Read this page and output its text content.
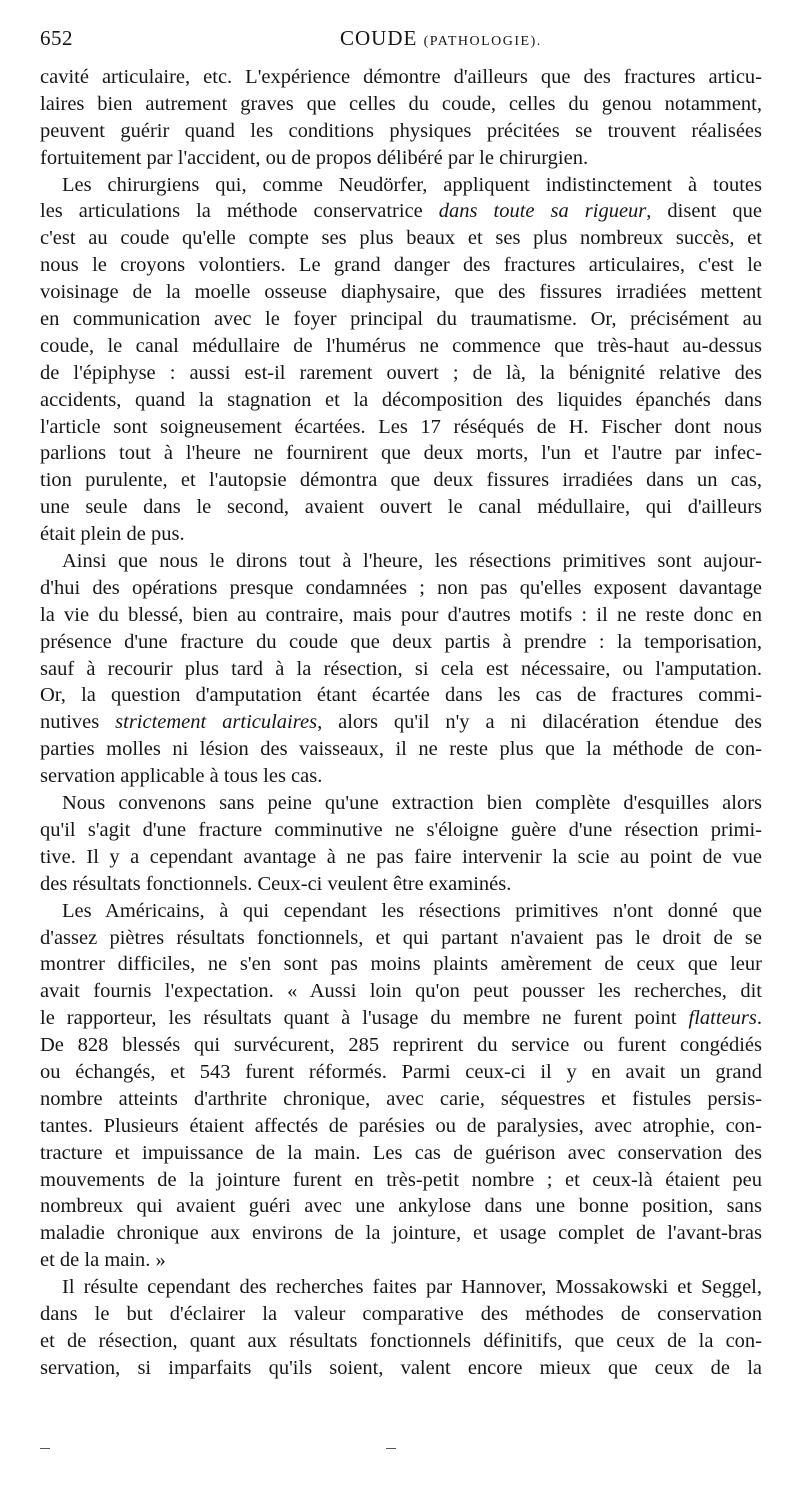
652	COUDE (PATHOLOGIE).
cavité articulaire, etc. L'expérience démontre d'ailleurs que des fractures articu-
laires bien autrement graves que celles du coude, celles du genou notamment,
peuvent guérir quand les conditions physiques précitées se trouvent réalisées
fortuitement par l'accident, ou de propos délibéré par le chirurgien.
Les chirurgiens qui, comme Neudörfer, appliquent indistinctement à toutes
les articulations la méthode conservatrice dans toute sa rigueur, disent que
c'est au coude qu'elle compte ses plus beaux et ses plus nombreux succès, et
nous le croyons volontiers. Le grand danger des fractures articulaires, c'est le
voisinage de la moelle osseuse diaphysaire, que des fissures irradiées mettent
en communication avec le foyer principal du traumatisme. Or, précisément au
coude, le canal médullaire de l'humérus ne commence que très-haut au-dessus
de l'épiphyse : aussi est-il rarement ouvert ; de là, la bénignité relative des
accidents, quand la stagnation et la décomposition des liquides épanchés dans
l'article sont soigneusement écartées. Les 17 réséqués de H. Fischer dont nous
parlions tout à l'heure ne fournirent que deux morts, l'un et l'autre par infec-
tion purulente, et l'autopsie démontra que deux fissures irradiées dans un cas,
une seule dans le second, avaient ouvert le canal médullaire, qui d'ailleurs
était plein de pus.
Ainsi que nous le dirons tout à l'heure, les résections primitives sont aujour-
d'hui des opérations presque condamnées ; non pas qu'elles exposent davantage
la vie du blessé, bien au contraire, mais pour d'autres motifs : il ne reste donc en
présence d'une fracture du coude que deux partis à prendre : la temporisation,
sauf à recourir plus tard à la résection, si cela est nécessaire, ou l'amputation.
Or, la question d'amputation étant écartée dans les cas de fractures commi-
nutives strictement articulaires, alors qu'il n'y a ni dilacération étendue des
parties molles ni lésion des vaisseaux, il ne reste plus que la méthode de con-
servation applicable à tous les cas.
Nous convenons sans peine qu'une extraction bien complète d'esquilles alors
qu'il s'agit d'une fracture comminutive ne s'éloigne guère d'une résection primi-
tive. Il y a cependant avantage à ne pas faire intervenir la scie au point de vue
des résultats fonctionnels. Ceux-ci veulent être examinés.
Les Américains, à qui cependant les résections primitives n'ont donné que
d'assez piètres résultats fonctionnels, et qui partant n'avaient pas le droit de se
montrer difficiles, ne s'en sont pas moins plaints amèrement de ceux que leur
avait fournis l'expectation. « Aussi loin qu'on peut pousser les recherches, dit
le rapporteur, les résultats quant à l'usage du membre ne furent point flatteurs.
De 828 blessés qui survécurent, 285 reprirent du service ou furent congédiés
ou échangés, et 543 furent réformés. Parmi ceux-ci il y en avait un grand
nombre atteints d'arthrite chronique, avec carie, séquestres et fistules persis-
tantes. Plusieurs étaient affectés de parésies ou de paralysies, avec atrophie, con-
tracture et impuissance de la main. Les cas de guérison avec conservation des
mouvements de la jointure furent en très-petit nombre ; et ceux-là étaient peu
nombreux qui avaient guéri avec une ankylose dans une bonne position, sans
maladie chronique aux environs de la jointure, et usage complet de l'avant-bras
et de la main. »
Il résulte cependant des recherches faites par Hannover, Mossakowski et Seggel,
dans le but d'éclairer la valeur comparative des méthodes de conservation
et de résection, quant aux résultats fonctionnels définitifs, que ceux de la con-
servation, si imparfaits qu'ils soient, valent encore mieux que ceux de la
